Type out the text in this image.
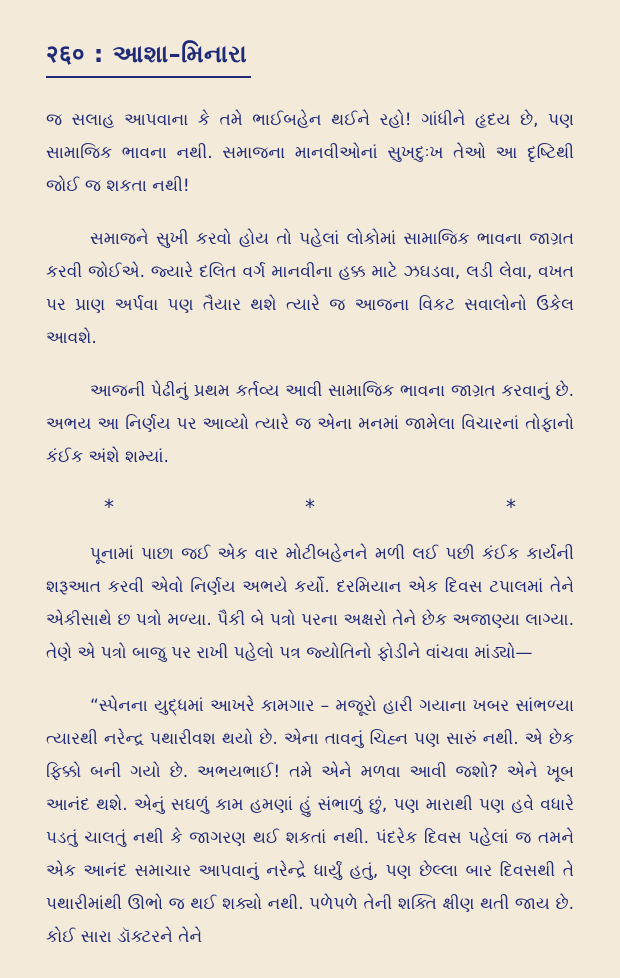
२६० : આશા–મિનારા

જ સલાહ આપવાના કે તમે ભાઈબહેન થઈને રહો! ગાંધીને હૃદય છે, પણ સામાજિક ભાવના નથી. સમાજના માનવીઓનાં સુખદુઃખ તેઓ આ દૃષ્ટિથી જોઈ જ શકતા નથી!

સમાજને સુખી કરવો હોય તો પહેલાં લોકોમાં સામાજિક ભાવના જાગ્રત કરવી જોઈએ. જ્યારે દલિત વર્ગ માનવીના હક્ક માટે ઝઘડવા, લડી લેવા, વખત પર પ્રાણ અર્પવા પણ તૈયાર થશે ત્યારે જ આજના વિકટ સવાલોનો ઉકેલ આવશે.

આજની પેઢીનું પ્રથમ કર્તવ્ય આવી સામાજિક ભાવના જાગ્રત કરવાનું છે. અભય આ નિર્ણય પર આવ્યો ત્યારે જ એના મનમાં જામેલા વિચારનાં તોફાનો કંઈક અંશે શમ્યાં.

*	*	*

પૂનામાં પાછા જઈ એક વાર મોટીબહેનને મળી લઈ પછી કંઈક કાર્યની શરૂઆત કરવી એવો નિર્ણય અભયે કર્યો. દરમિયાન એક દિવસ ટપાલમાં તેને એકીસાથે છ પત્રો મળ્યા. પૈકી બે પત્રો પરના અક્ષરો તેને છેક અજાણ્યા લાગ્યા. તેણે એ પત્રો બાજુ પર રાખી પહેલો પત્ર જ્યોતિનો ફોડીને વાંચવા માંડ્યો—

“સ્પેનના યુદ્ધમાં આખરે કામગાર – મજૂરો હારી ગયાના ખબર સાંભળ્યા ત્યારથી નરેન્દ્ર પથારીવશ થયો છે. એના તાવનું ચિહ્ન પણ સારું નથી. એ છેક ફિક્કો બની ગયો છે. અભયભાઈ! તમે એને મળવા આવી જશો? એને ખૂબ આનંદ થશે. એનું સઘળું કામ હમણાં હું સંભાળું છું, પણ મારાથી પણ હવે વધારે પડતું ચાલતું નથી કે જાગરણ થઈ શકતાં નથી. પંદરેક દિવસ પહેલાં જ તમને એક આનંદ સમાચાર આપવાનું નરેન્દ્રે ધાર્યું હતું, પણ છેલ્લા બાર દિવસથી તે પથારીમાંથી ઊભો જ થઈ શક્યો નથી. પળેપળે તેની શક્તિ ક્ષીણ થતી જાય છે. કોઈ સારા ડૉક્ટરને તેને
